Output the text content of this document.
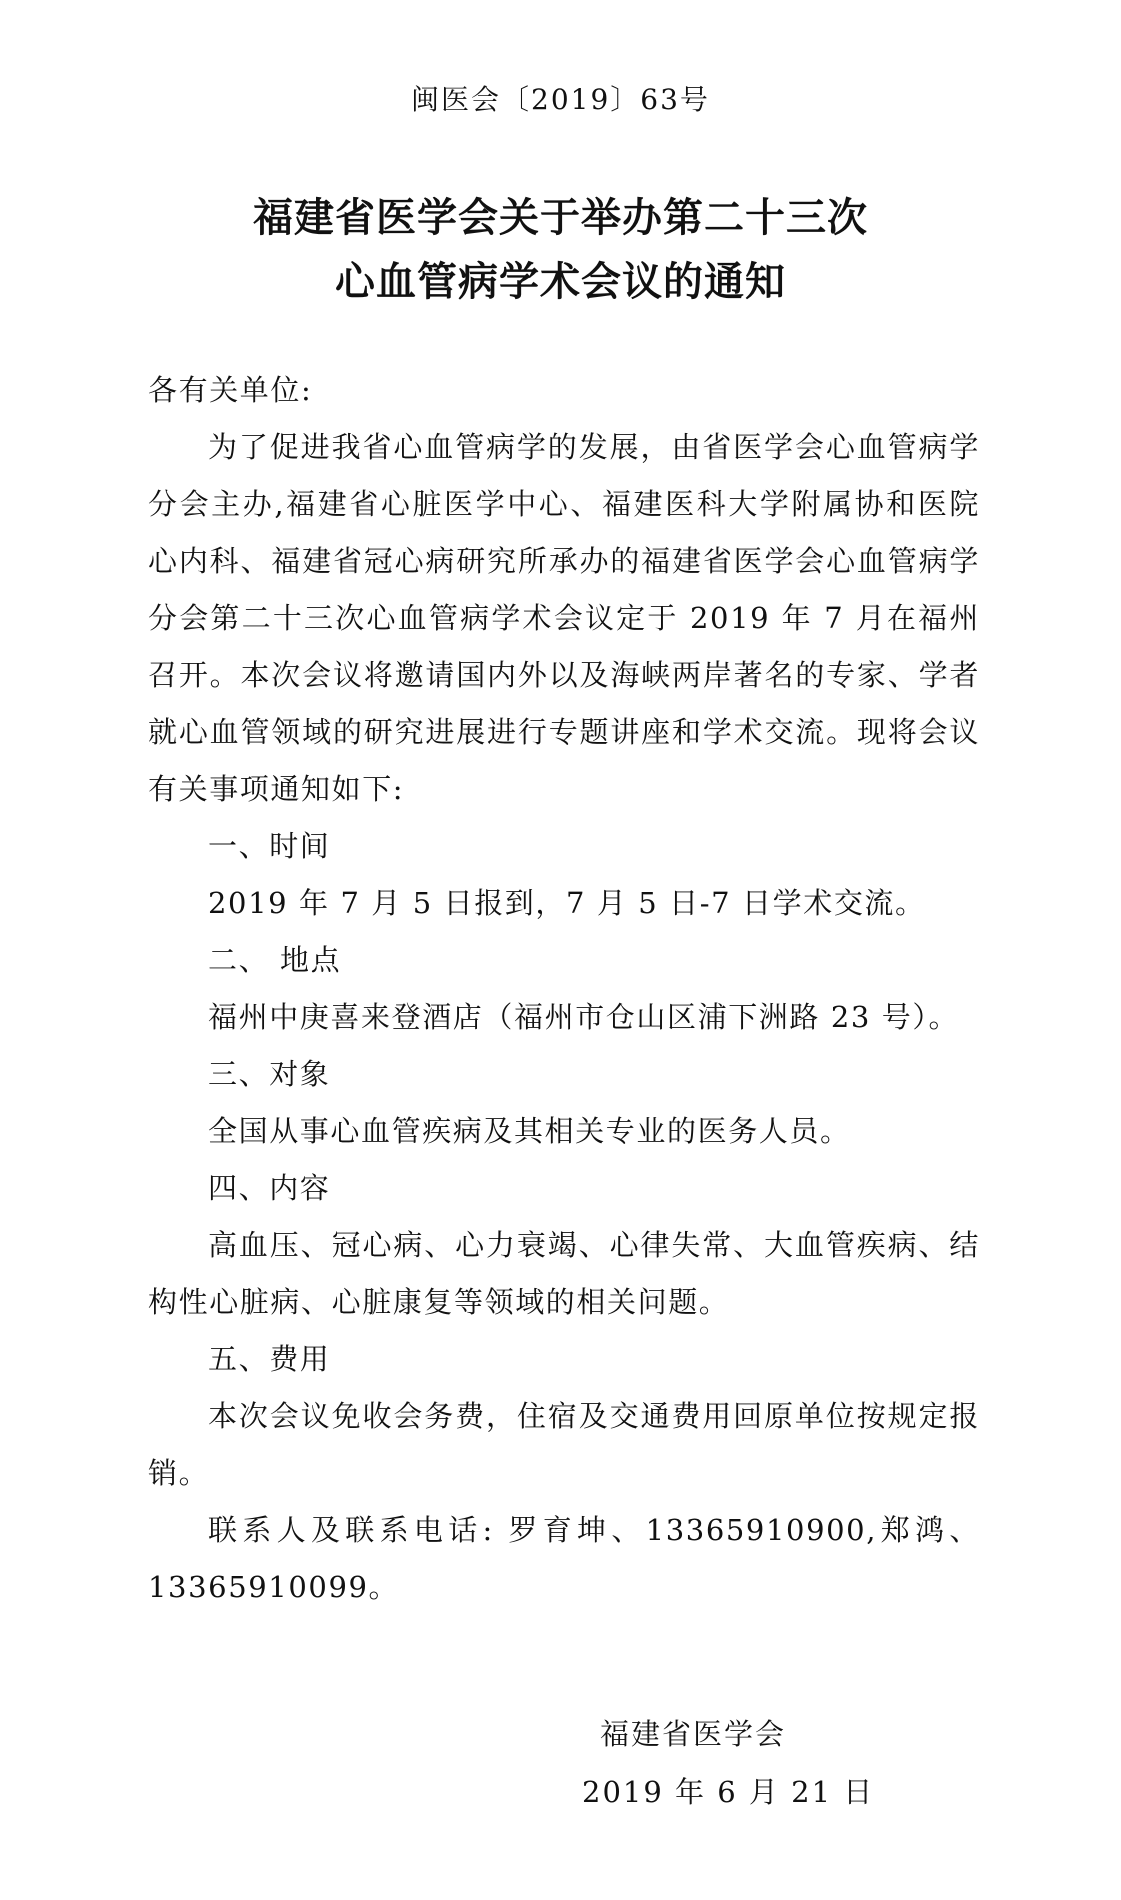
闽医会〔2019〕63号
福建省医学会关于举办第二十三次
心血管病学术会议的通知

各有关单位:

为了促进我省心血管病学的发展，由省医学会心血管病学分会主办,福建省心脏医学中心、福建医科大学附属协和医院心内科、福建省冠心病研究所承办的福建省医学会心血管病学分会第二十三次心血管病学术会议定于 2019 年 7 月在福州召开。本次会议将邀请国内外以及海峡两岸著名的专家、学者就心血管领域的研究进展进行专题讲座和学术交流。现将会议有关事项通知如下:

一、时间

2019 年 7 月 5 日报到，7 月 5 日-7 日学术交流。

二、 地点

福州中庚喜来登酒店（福州市仓山区浦下洲路 23 号）。

三、对象

全国从事心血管疾病及其相关专业的医务人员。

四、内容

高血压、冠心病、心力衰竭、心律失常、大血管疾病、结构性心脏病、心脏康复等领域的相关问题。

五、费用

本次会议免收会务费，住宿及交通费用回原单位按规定报销。

联系人及联系电话: 罗育坤、13365910900,郑鸿、13365910099。

福建省医学会
2019 年 6 月 21 日
